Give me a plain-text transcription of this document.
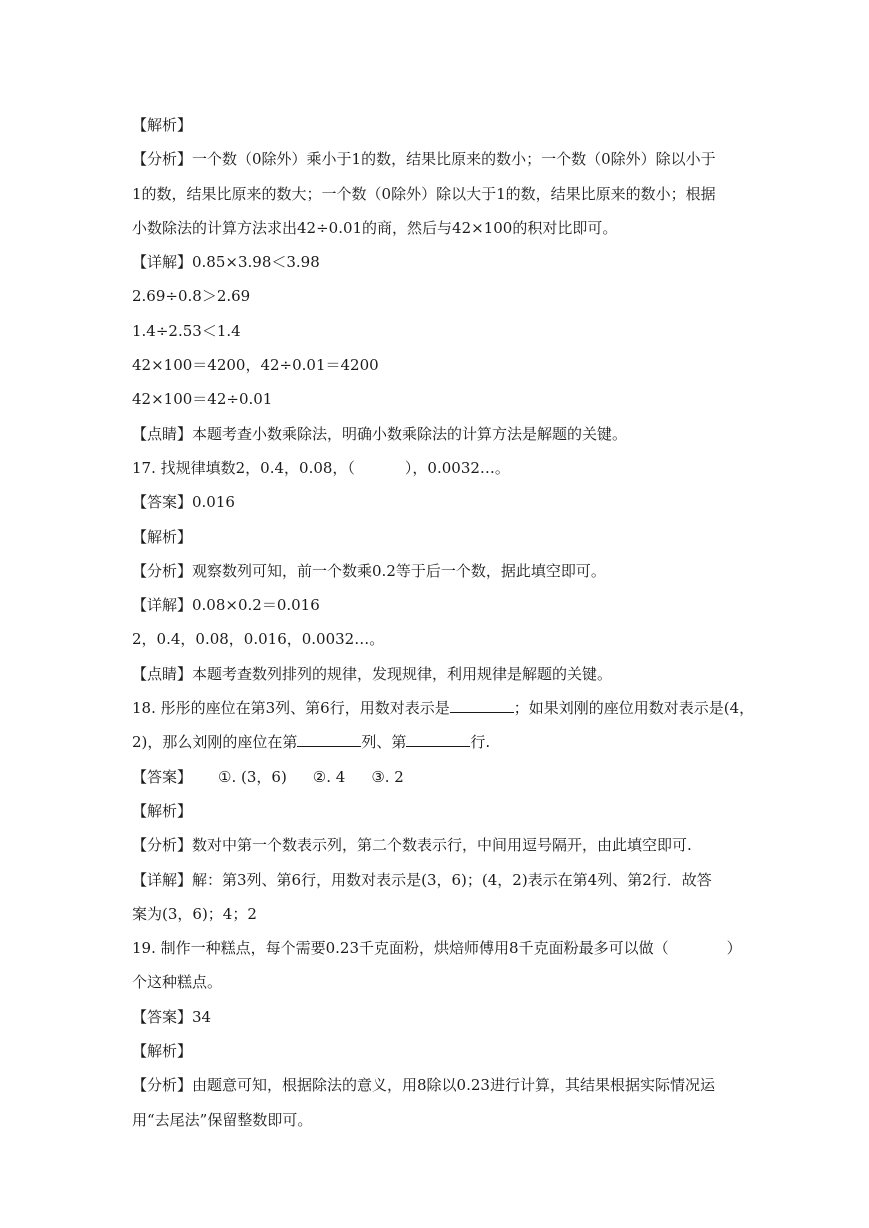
【解析】
【分析】一个数（0除外）乘小于1的数，结果比原来的数小；一个数（0除外）除以小于
1的数，结果比原来的数大；一个数（0除外）除以大于1的数，结果比原来的数小；根据
小数除法的计算方法求出42÷0.01的商，然后与42×100的积对比即可。
【详解】0.85×3.98＜3.98
2.69÷0.8＞2.69
1.4÷2.53＜1.4
42×100＝4200，42÷0.01＝4200
42×100＝42÷0.01
【点睛】本题考查小数乘除法，明确小数乘除法的计算方法是解题的关键。
17. 找规律填数2，0.4，0.08，（	），0.0032…。
【答案】0.016
【解析】
【分析】观察数列可知，前一个数乘0.2等于后一个数，据此填空即可。
【详解】0.08×0.2＝0.016
2，0.4，0.08，0.016，0.0032…。
【点睛】本题考查数列排列的规律，发现规律，利用规律是解题的关键。
18. 彤彤的座位在第3列、第6行，用数对表示是	；如果刘刚的座位用数对表示是(4，
2)，那么刘刚的座位在第	列、第	行.
【答案】 ①. (3，6) ②. 4 ③. 2
【解析】
【分析】数对中第一个数表示列，第二个数表示行，中间用逗号隔开，由此填空即可.
【详解】解：第3列、第6行，用数对表示是(3，6)；(4，2)表示在第4列、第2行．故答
案为(3，6)；4；2
19. 制作一种糕点，每个需要0.23千克面粉，烘焙师傅用8千克面粉最多可以做（	）
个这种糕点。
【答案】34
【解析】
【分析】由题意可知，根据除法的意义，用8除以0.23进行计算，其结果根据实际情况运
用“去尾法”保留整数即可。
